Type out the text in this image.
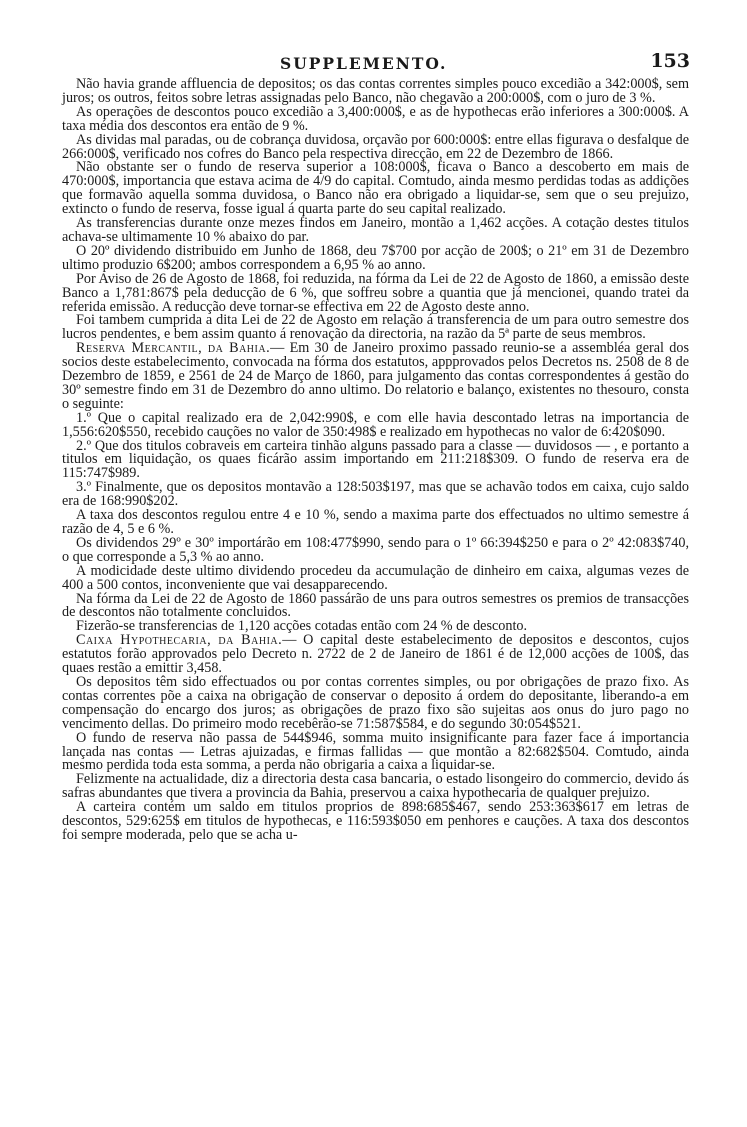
SUPPLEMENTO.	153

Não havia grande affluencia de depositos; os das contas correntes simples pouco excedião a 342:000$, sem juros; os outros, feitos sobre letras assignadas pelo Banco, não chegavão a 200:000$, com o juro de 3 %.

As operações de descontos pouco excedião a 3,400:000$, e as de hypothecas erão inferiores a 300:000$. A taxa média dos descontos era então de 9 %.

As dividas mal paradas, ou de cobrança duvidosa, orçavão por 600:000$: entre ellas figurava o desfalque de 266:000$, verificado nos cofres do Banco pela respectiva direcção, em 22 de Dezembro de 1866.

Não obstante ser o fundo de reserva superior a 108:000$, ficava o Banco a descoberto em mais de 470:000$, importancia que estava acima de 4/9 do capital. Comtudo, ainda mesmo perdidas todas as addições que formavão aquella somma duvidosa, o Banco não era obrigado a liquidar-se, sem que o seu prejuizo, extincto o fundo de reserva, fosse igual á quarta parte do seu capital realizado.

As transferencias durante onze mezes findos em Janeiro, montão a 1,462 acções. A cotação destes titulos achava-se ultimamente 10 % abaixo do par.

O 20º dividendo distribuido em Junho de 1868, deu 7$700 por acção de 200$; o 21º em 31 de Dezembro ultimo produzio 6$200; ambos correspondem a 6,95 % ao anno.

Por Aviso de 26 de Agosto de 1868, foi reduzida, na fórma da Lei de 22 de Agosto de 1860, a emissão deste Banco a 1,781:867$ pela deducção de 6 %, que soffreu sobre a quantia que já mencionei, quando tratei da referida emissão. A reducção deve tornar-se effectiva em 22 de Agosto deste anno.

Foi tambem cumprida a dita Lei de 22 de Agosto em relação á transferencia de um para outro semestre dos lucros pendentes, e bem assim quanto á renovação da directoria, na razão da 5ª parte de seus membros.

Reserva Mercantil, da Bahia.— Em 30 de Janeiro proximo passado reunio-se a assembléa geral dos socios deste estabelecimento, convocada na fórma dos estatutos, appprovados pelos Decretos ns. 2508 de 8 de Dezembro de 1859, e 2561 de 24 de Março de 1860, para julgamento das contas correspondentes á gestão do 30º semestre findo em 31 de Dezembro do anno ultimo. Do relatorio e balanço, existentes no thesouro, consta o seguinte:

1.º Que o capital realizado era de 2,042:990$, e com elle havia descontado letras na importancia de 1,556:620$550, recebido cauções no valor de 350:498$ e realizado em hypothecas no valor de 6:420$090.

2.º Que dos titulos cobraveis em carteira tinhão alguns passado para a classe — duvidosos — , e portanto a titulos em liquidação, os quaes ficárão assim importando em 211:218$309. O fundo de reserva era de 115:747$989.

3.º Finalmente, que os depositos montavão a 128:503$197, mas que se achavão todos em caixa, cujo saldo era de 168:990$202.

A taxa dos descontos regulou entre 4 e 10 %, sendo a maxima parte dos effectuados no ultimo semestre á razão de 4, 5 e 6 %.

Os dividendos 29º e 30º importárão em 108:477$990, sendo para o 1º 66:394$250 e para o 2º 42:083$740, o que corresponde a 5,3 % ao anno.

A modicidade deste ultimo dividendo procedeu da accumulação de dinheiro em caixa, algumas vezes de 400 a 500 contos, inconveniente que vai desapparecendo.

Na fórma da Lei de 22 de Agosto de 1860 passárão de uns para outros semestres os premios de transacções de descontos não totalmente concluidos.

Fizerão-se transferencias de 1,120 acções cotadas então com 24 % de desconto.

Caixa Hypothecaria, da Bahia.— O capital deste estabelecimento de depositos e descontos, cujos estatutos forão approvados pelo Decreto n. 2722 de 2 de Janeiro de 1861 é de 12,000 acções de 100$, das quaes restão a emittir 3,458.

Os depositos têm sido effectuados ou por contas correntes simples, ou por obrigações de prazo fixo. As contas correntes põe a caixa na obrigação de conservar o deposito á ordem do depositante, liberando-a em compensação do encargo dos juros; as obrigações de prazo fixo são sujeitas aos onus do juro pago no vencimento dellas. Do primeiro modo recebêrão-se 71:587$584, e do segundo 30:054$521.

O fundo de reserva não passa de 544$946, somma muito insignificante para fazer face á importancia lançada nas contas — Letras ajuizadas, e firmas fallidas — que montão a 82:682$504. Comtudo, ainda mesmo perdida toda esta somma, a perda não obrigaria a caixa a liquidar-se.

Felizmente na actualidade, diz a directoria desta casa bancaria, o estado lisongeiro do commercio, devido ás safras abundantes que tivera a provincia da Bahia, preservou a caixa hypothecaria de qualquer prejuizo.

A carteira contém um saldo em titulos proprios de 898:685$467, sendo 253:363$617 em letras de descontos, 529:625$ em titulos de hypothecas, e 116:593$050 em penhores e cauções. A taxa dos descontos foi sempre moderada, pelo que se acha u-
